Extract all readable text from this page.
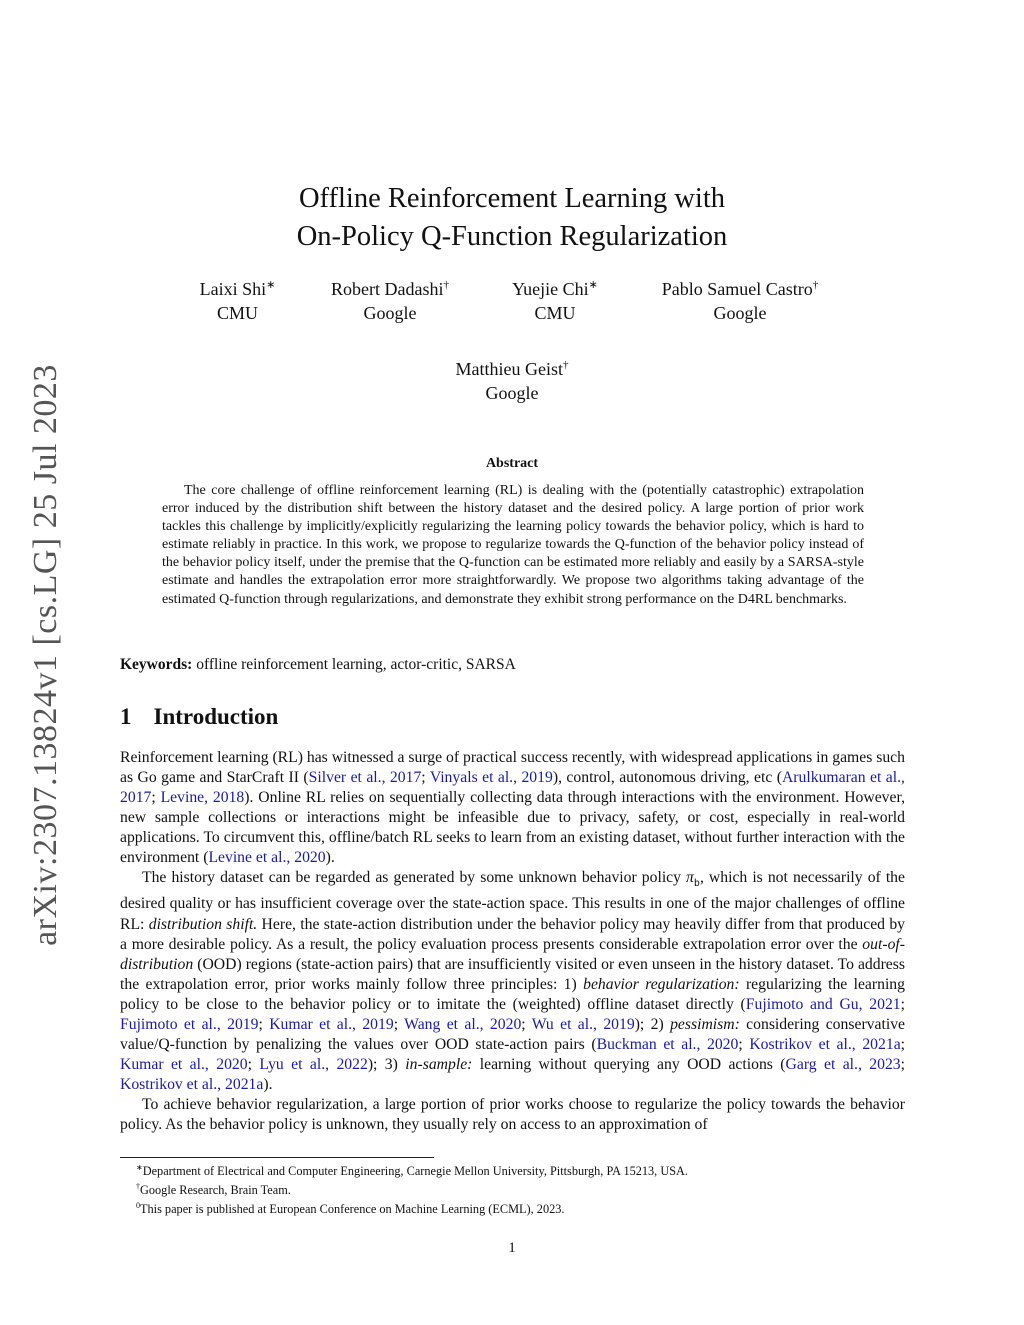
arXiv:2307.13824v1 [cs.LG] 25 Jul 2023
Offline Reinforcement Learning with
On-Policy Q-Function Regularization
Laixi Shi∗
CMU
Robert Dadashi†
Google
Yuejie Chi∗
CMU
Pablo Samuel Castro†
Google
Matthieu Geist†
Google
Abstract

The core challenge of offline reinforcement learning (RL) is dealing with the (potentially catastrophic) extrapolation error induced by the distribution shift between the history dataset and the desired policy. A large portion of prior work tackles this challenge by implicitly/explicitly regularizing the learning policy towards the behavior policy, which is hard to estimate reliably in practice. In this work, we propose to regularize towards the Q-function of the behavior policy instead of the behavior policy itself, under the premise that the Q-function can be estimated more reliably and easily by a SARSA-style estimate and handles the extrapolation error more straightforwardly. We propose two algorithms taking advantage of the estimated Q-function through regularizations, and demonstrate they exhibit strong performance on the D4RL benchmarks.

Keywords: offline reinforcement learning, actor-critic, SARSA
1 Introduction

Reinforcement learning (RL) has witnessed a surge of practical success recently, with widespread applications in games such as Go game and StarCraft II (Silver et al., 2017; Vinyals et al., 2019), control, autonomous driving, etc (Arulkumaran et al., 2017; Levine, 2018). Online RL relies on sequentially collecting data through interactions with the environment. However, new sample collections or interactions might be infeasible due to privacy, safety, or cost, especially in real-world applications. To circumvent this, offline/batch RL seeks to learn from an existing dataset, without further interaction with the environment (Levine et al., 2020).

The history dataset can be regarded as generated by some unknown behavior policy $\pi_b$, which is not necessarily of the desired quality or has insufficient coverage over the state-action space. This results in one of the major challenges of offline RL: distribution shift. Here, the state-action distribution under the behavior policy may heavily differ from that produced by a more desirable policy. As a result, the policy evaluation process presents considerable extrapolation error over the out-of-distribution (OOD) regions (state-action pairs) that are insufficiently visited or even unseen in the history dataset. To address the extrapolation error, prior works mainly follow three principles: 1) behavior regularization: regularizing the learning policy to be close to the behavior policy or to imitate the (weighted) offline dataset directly (Fujimoto and Gu, 2021; Fujimoto et al., 2019; Kumar et al., 2019; Wang et al., 2020; Wu et al., 2019); 2) pessimism: considering conservative value/Q-function by penalizing the values over OOD state-action pairs (Buckman et al., 2020; Kostrikov et al., 2021a; Kumar et al., 2020; Lyu et al., 2022); 3) in-sample: learning without querying any OOD actions (Garg et al., 2023; Kostrikov et al., 2021a).

To achieve behavior regularization, a large portion of prior works choose to regularize the policy towards the behavior policy. As the behavior policy is unknown, they usually rely on access to an approximation of

∗Department of Electrical and Computer Engineering, Carnegie Mellon University, Pittsburgh, PA 15213, USA.
†Google Research, Brain Team.
$^0$This paper is published at European Conference on Machine Learning (ECML), 2023.
1
